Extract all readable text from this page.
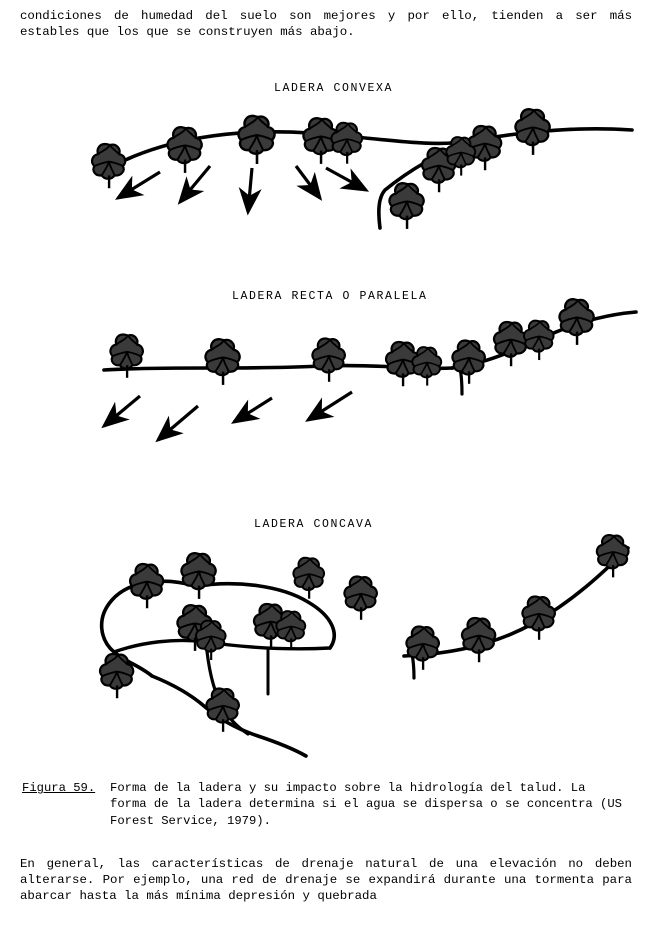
condiciones de humedad del suelo son mejores y por ello, tienden a ser más estables que los que se construyen más abajo.
LADERA CONVEXA
LADERA RECTA O PARALELA
LADERA CONCAVA
Figura 59. Forma de la ladera y su impacto sobre la hidrología del talud. La forma de la ladera determina si el agua se dispersa o se concentra (US Forest Service, 1979).
En general, las características de drenaje natural de una elevación no deben alterarse. Por ejemplo, una red de drenaje se expandirá durante una tormenta para abarcar hasta la más mínima depresión y quebrada
